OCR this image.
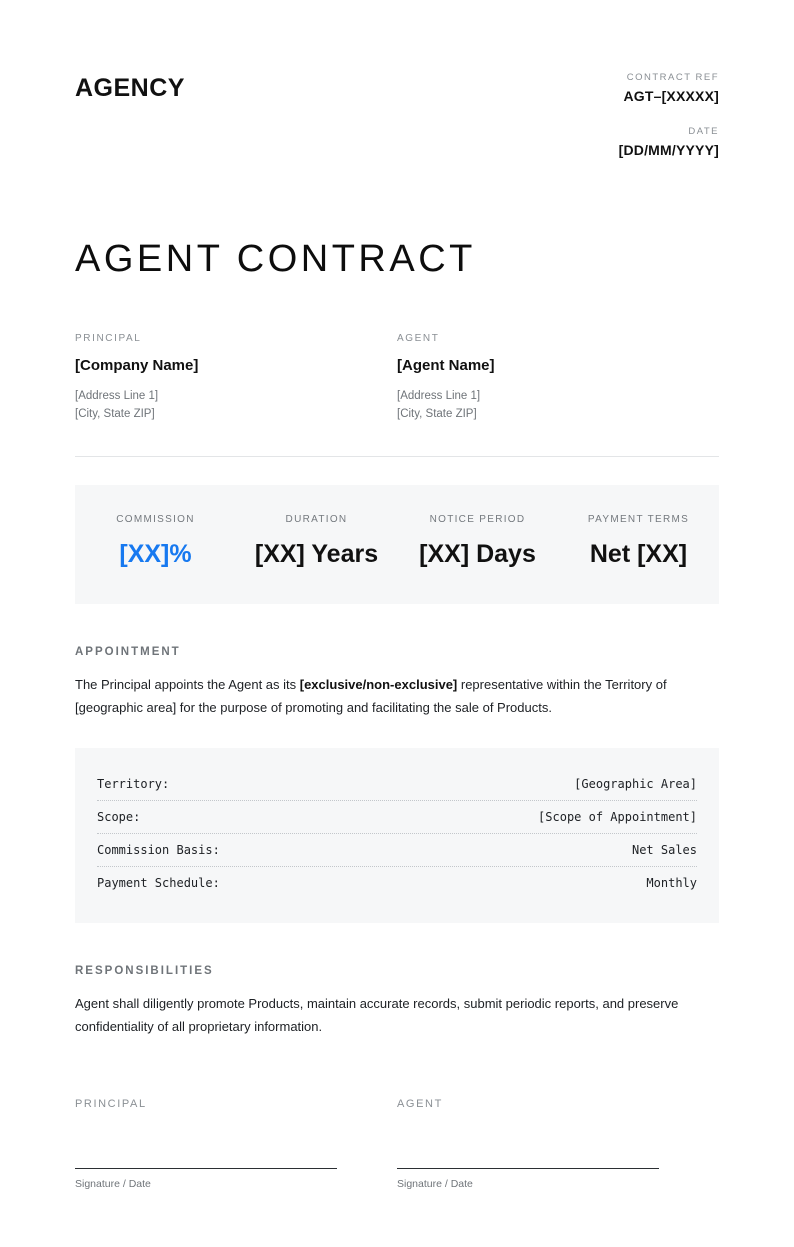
AGENCY	CONTRACT REF
AGT–[XXXXX]
DATE
[DD/MM/YYYY]
AGENT CONTRACT
PRINCIPAL
[Company Name]
[Address Line 1]
[City, State ZIP]
AGENT
[Agent Name]
[Address Line 1]
[City, State ZIP]
COMMISSION
[XX]%
DURATION
[XX] Years
NOTICE PERIOD
[XX] Days
PAYMENT TERMS
Net [XX]
APPOINTMENT

The Principal appoints the Agent as its [exclusive/non-exclusive] representative within the Territory of [geographic area] for the purpose of promoting and facilitating the sale of Products.

Territory:	[Geographic Area]
Scope:	[Scope of Appointment]
Commission Basis:	Net Sales
Payment Schedule:	Monthly
RESPONSIBILITIES

Agent shall diligently promote Products, maintain accurate records, submit periodic reports, and preserve confidentiality of all proprietary information.

PRINCIPAL
Signature / Date
AGENT
Signature / Date
